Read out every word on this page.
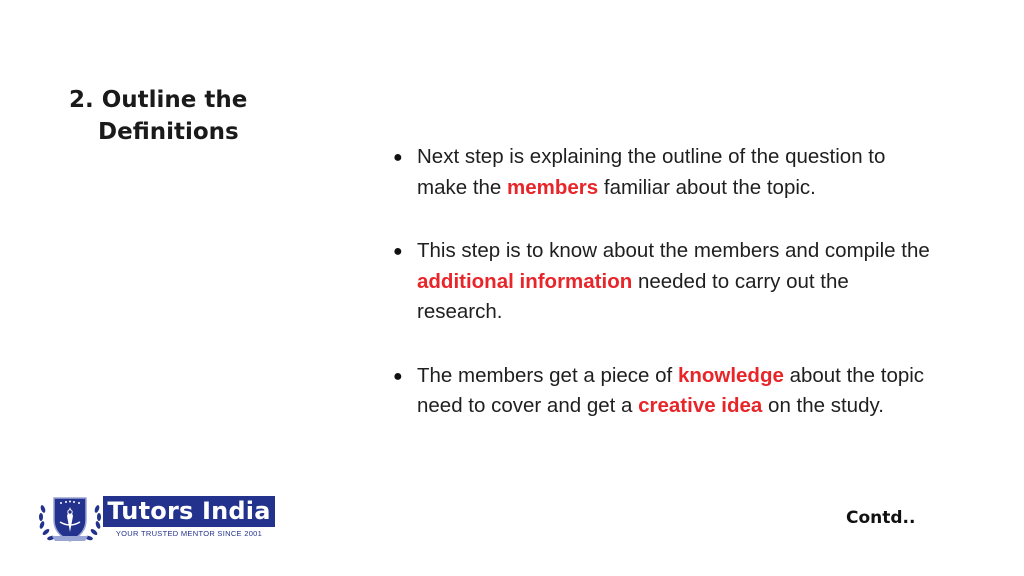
2. Outline the
Definitions
● Next step is explaining the outline of the question to make the members familiar about the topic.
● This step is to know about the members and compile the additional information needed to carry out the research.
● The members get a piece of knowledge about the topic need to cover and get a creative idea on the study.
Tutors India
YOUR TRUSTED MENTOR SINCE 2001
Contd..
